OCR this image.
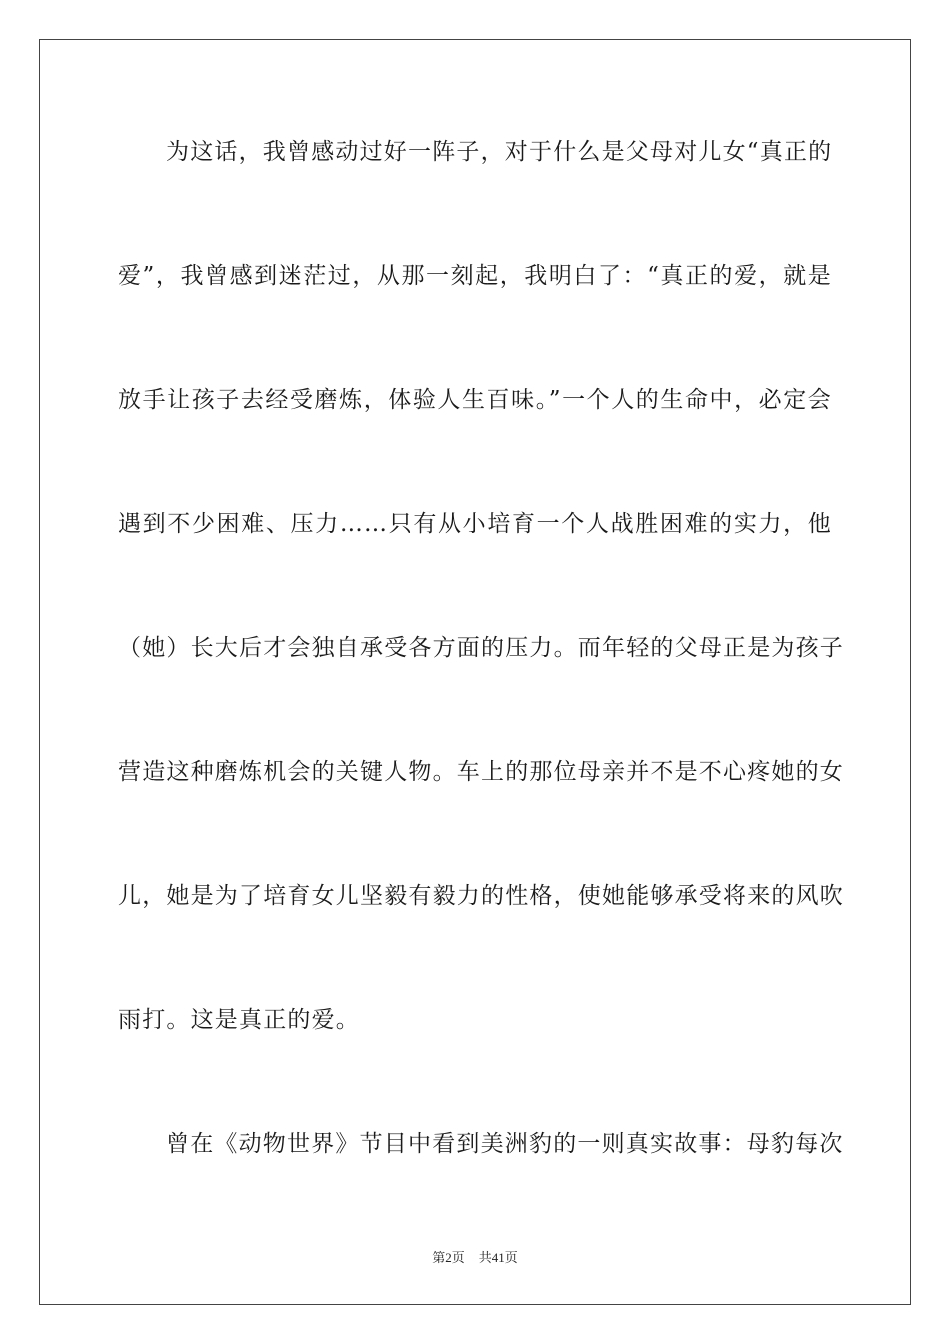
为这话，我曾感动过好一阵子，对于什么是父母对儿女“真正的
爱”，我曾感到迷茫过，从那一刻起，我明白了：“真正的爱，就是
放手让孩子去经受磨炼，体验人生百味。”一个人的生命中，必定会
遇到不少困难、压力……只有从小培育一个人战胜困难的实力，他
（她）长大后才会独自承受各方面的压力。而年轻的父母正是为孩子
营造这种磨炼机会的关键人物。车上的那位母亲并不是不心疼她的女
儿，她是为了培育女儿坚毅有毅力的性格，使她能够承受将来的风吹
雨打。这是真正的爱。
曾在《动物世界》节目中看到美洲豹的一则真实故事：母豹每次
第2页 共41页
